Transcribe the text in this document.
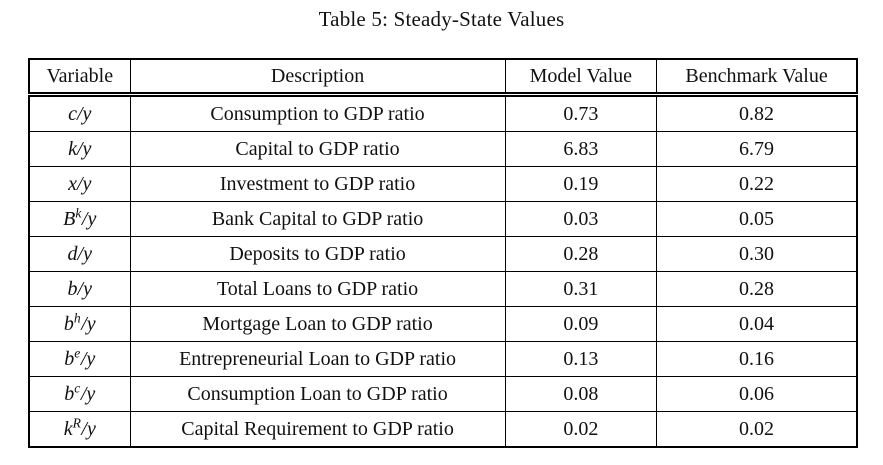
Table 5: Steady-State Values

Variable	Description	Model Value	Benchmark Value
c/y	Consumption to GDP ratio	0.73	0.82
k/y	Capital to GDP ratio	6.83	6.79
x/y	Investment to GDP ratio	0.19	0.22
$B^k/y$	Bank Capital to GDP ratio	0.03	0.05
d/y	Deposits to GDP ratio	0.28	0.30
b/y	Total Loans to GDP ratio	0.31	0.28
$b^h/y$	Mortgage Loan to GDP ratio	0.09	0.04
$b^e/y$	Entrepreneurial Loan to GDP ratio	0.13	0.16
$b^c/y$	Consumption Loan to GDP ratio	0.08	0.06
$k^R/y$	Capital Requirement to GDP ratio	0.02	0.02
